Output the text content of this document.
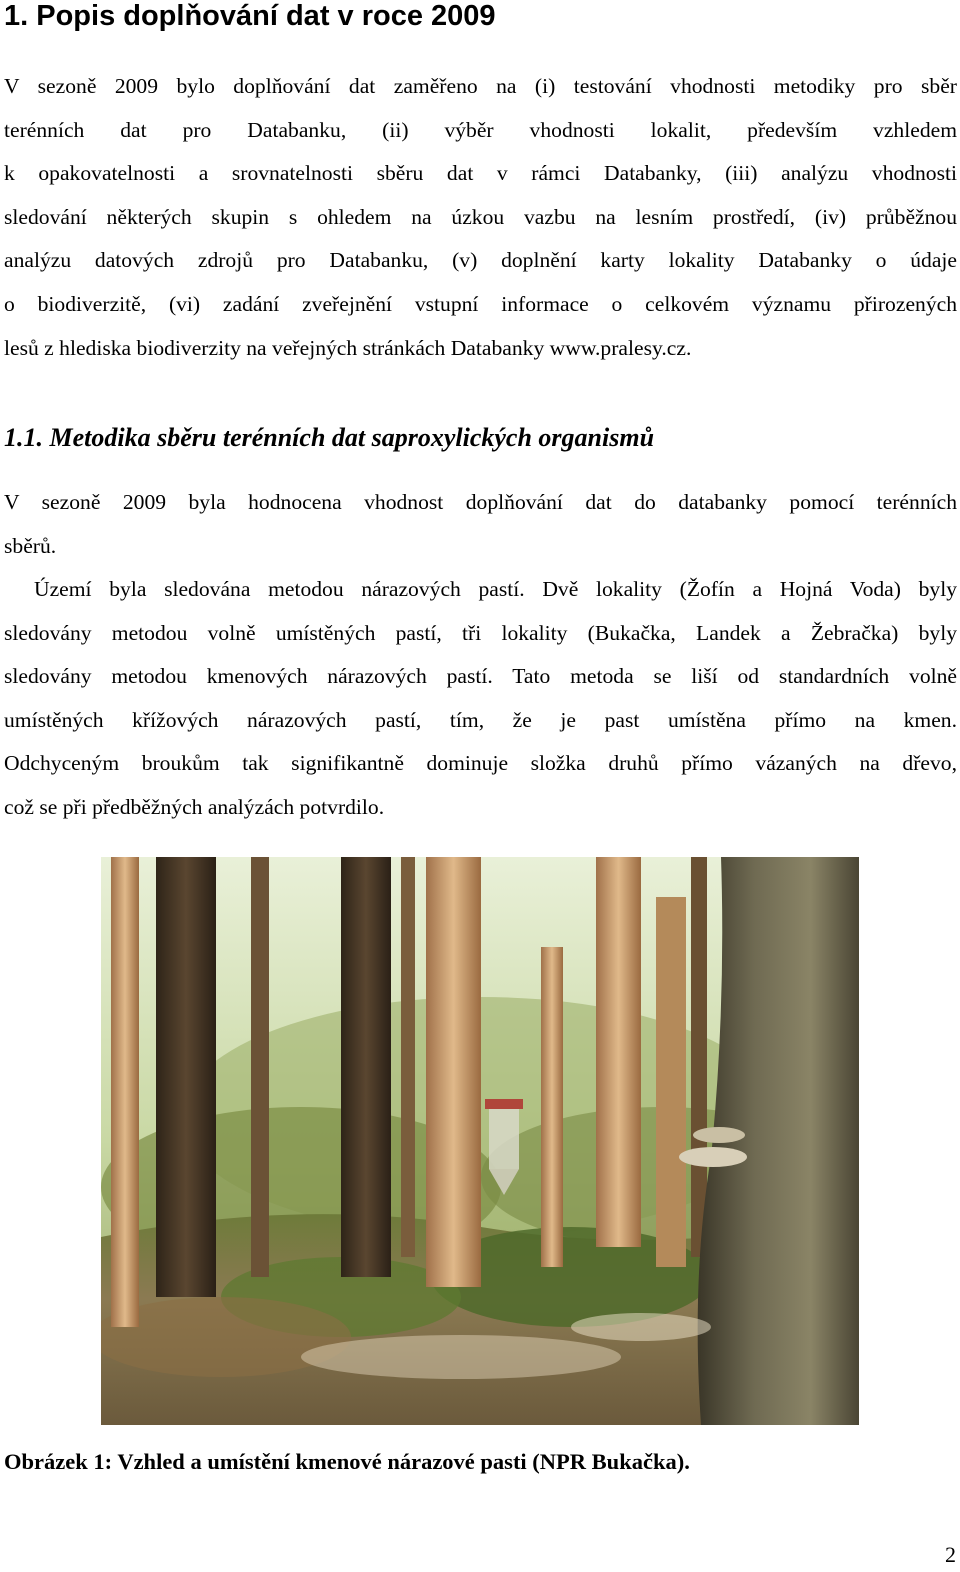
1. Popis doplňování dat v roce 2009
V sezoně 2009 bylo doplňování dat zaměřeno na (i) testování vhodnosti metodiky pro sběr
terénních dat pro Databanku, (ii) výběr vhodnosti lokalit, především vzhledem
k opakovatelnosti a srovnatelnosti sběru dat v rámci Databanky, (iii) analýzu vhodnosti
sledování některých skupin s ohledem na úzkou vazbu na lesním prostředí, (iv) průběžnou
analýzu datových zdrojů pro Databanku, (v) doplnění karty lokality Databanky o údaje
o biodiverzitě, (vi) zadání zveřejnění vstupní informace o celkovém významu přirozených
lesů z hlediska biodiverzity na veřejných stránkách Databanky www.pralesy.cz.
1.1. Metodika sběru terénních dat saproxylických organismů
V sezoně 2009 byla hodnocena vhodnost doplňování dat do databanky pomocí terénních
sběrů.
Území byla sledována metodou nárazových pastí. Dvě lokality (Žofín a Hojná Voda) byly
sledovány metodou volně umístěných pastí, tři lokality (Bukačka, Landek a Žebračka) byly
sledovány metodou kmenových nárazových pastí. Tato metoda se liší od standardních volně
umístěných křížových nárazových pastí, tím, že je past umístěna přímo na kmen.
Odchyceným broukům tak signifikantně dominuje složka druhů přímo vázaných na dřevo,
což se při předběžných analýzách potvrdilo.
Obrázek 1: Vzhled a umístění kmenové nárazové pasti (NPR Bukačka).
2
